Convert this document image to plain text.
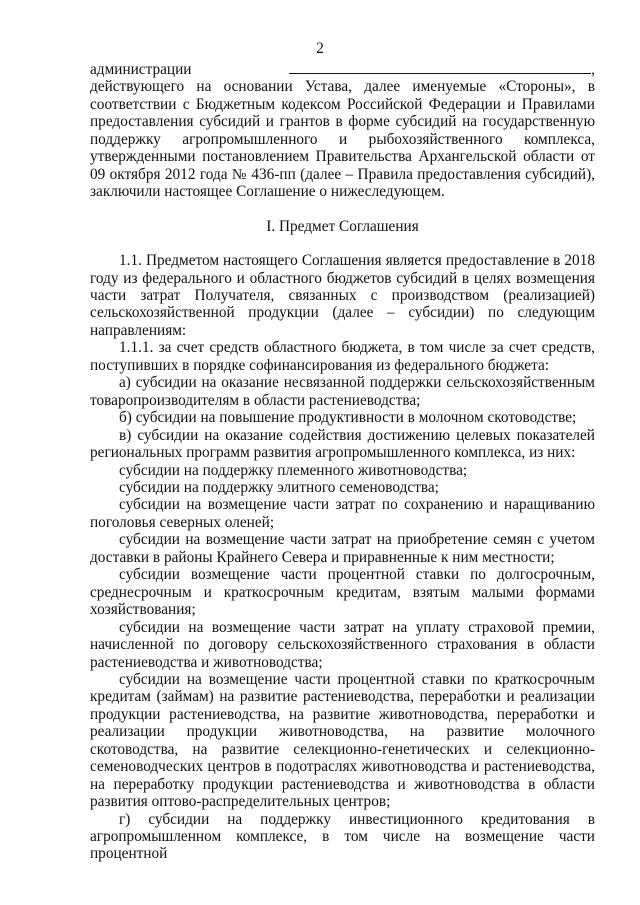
2

администрации	, действующего на основании Устава, далее именуемые «Стороны», в соответствии с Бюджетным кодексом Российской Федерации и Правилами предоставления субсидий и грантов в форме субсидий на государственную поддержку агропромышленного и рыбохозяйственного комплекса, утвержденными постановлением Правительства Архангельской области от 09 октября 2012 года № 436-пп (далее – Правила предоставления субсидий), заключили настоящее Соглашение о нижеследующем.

I. Предмет Соглашения

1.1. Предметом настоящего Соглашения является предоставление в 2018 году из федерального и областного бюджетов субсидий в целях возмещения части затрат Получателя, связанных с производством (реализацией) сельскохозяйственной продукции (далее – субсидии) по следующим направлениям:

1.1.1. за счет средств областного бюджета, в том числе за счет средств, поступивших в порядке софинансирования из федерального бюджета:

а) субсидии на оказание несвязанной поддержки сельскохозяйственным товаропроизводителям в области растениеводства;

б) субсидии на повышение продуктивности в молочном скотоводстве;

в) субсидии на оказание содействия достижению целевых показателей региональных программ развития агропромышленного комплекса, из них:

субсидии на поддержку племенного животноводства;

субсидии на поддержку элитного семеноводства;

субсидии на возмещение части затрат по сохранению и наращиванию поголовья северных оленей;

субсидии на возмещение части затрат на приобретение семян с учетом доставки в районы Крайнего Севера и приравненные к ним местности;

субсидии возмещение части процентной ставки по долгосрочным, среднесрочным и краткосрочным кредитам, взятым малыми формами хозяйствования;

субсидии на возмещение части затрат на уплату страховой премии, начисленной по договору сельскохозяйственного страхования в области растениеводства и животноводства;

субсидии на возмещение части процентной ставки по краткосрочным кредитам (займам) на развитие растениеводства, переработки и реализации продукции растениеводства, на развитие животноводства, переработки и реализации продукции животноводства, на развитие молочного скотоводства, на развитие селекционно-генетических и селекционно-семеноводческих центров в подотраслях животноводства и растениеводства, на переработку продукции растениеводства и животноводства в области развития оптово-распределительных центров;

г) субсидии на поддержку инвестиционного кредитования в агропромышленном комплексе, в том числе на возмещение части процентной
